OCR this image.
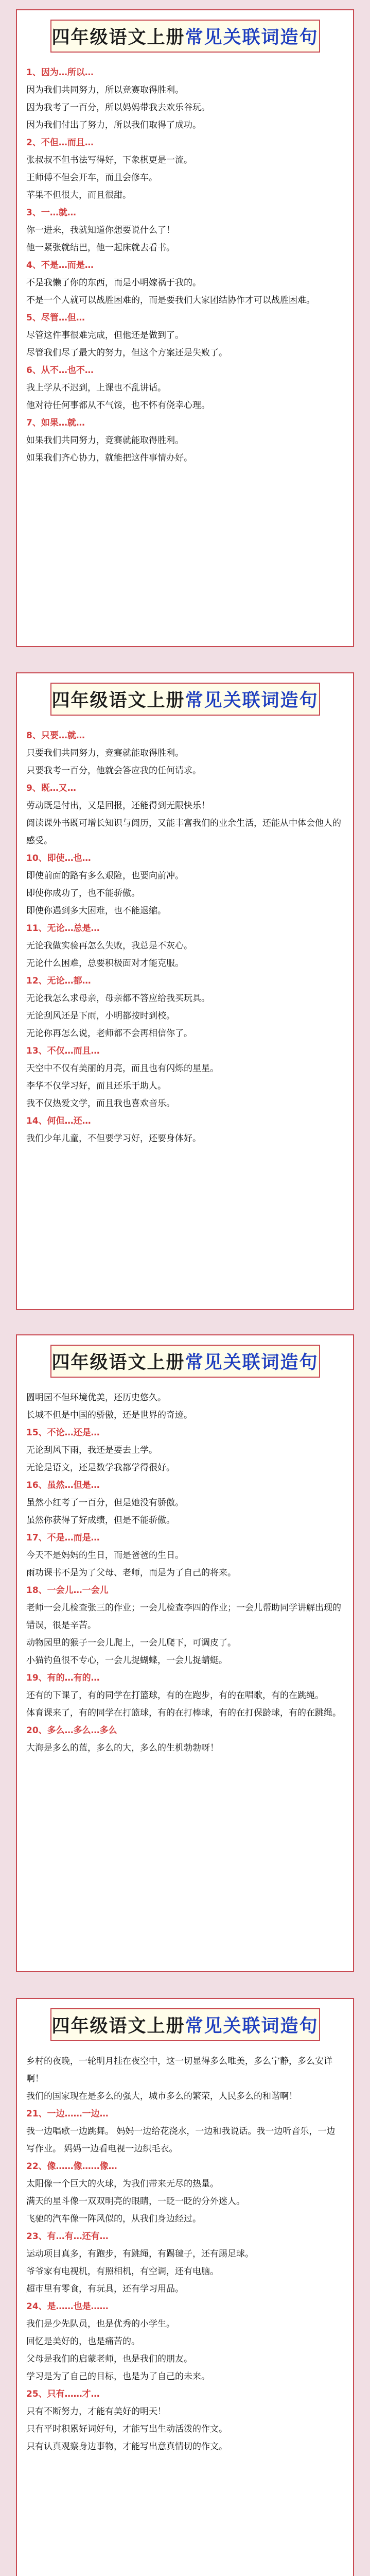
四年级语文上册 常见关联词造句
1、因为…所以…
因为我们共同努力，所以竞赛取得胜利。
因为我考了一百分，所以妈妈带我去欢乐谷玩。
因为我们付出了努力，所以我们取得了成功。
2、不但…而且…
张叔叔不但书法写得好，下象棋更是一流。
王师傅不但会开车，而且会修车。
苹果不但很大，而且很甜。
3、一…就…
你一进来，我就知道你想要说什么了！
他一紧张就结巴，他一起床就去看书。
4、不是…而是…
不是我懒了你的东西，而是小明嫁祸于我的。
不是一个人就可以战胜困难的，而是要我们大家团结协作才可以战胜困难。
5、尽管…但…
尽管这件事很难完成，但他还是做到了。
尽管我们尽了最大的努力，但这个方案还是失败了。
6、从不…也不…
我上学从不迟到，上课也不乱讲话。
他对待任何事都从不气馁，也不怀有侥幸心理。
7、如果…就…
如果我们共同努力，竞赛就能取得胜利。
如果我们齐心协力，就能把这件事情办好。
四年级语文上册 常见关联词造句
8、只要…就…
只要我们共同努力，竞赛就能取得胜利。
只要我考一百分，他就会答应我的任何请求。
9、既…又…
劳动既是付出，又是回报，还能得到无限快乐！
阅读课外书既可增长知识与阅历，又能丰富我们的业余生活，还能从中体会他人的感受。
10、即使…也…
即使前面的路有多么艰险，也要向前冲。
即使你成功了，也不能骄傲。
即使你遇到多大困难，也不能退缩。
11、无论…总是…
无论我做实验再怎么失败，我总是不灰心。
无论什么困难，总要积极面对才能克服。
12、无论…都…
无论我怎么求母亲，母亲都不答应给我买玩具。
无论刮风还是下雨，小明都按时到校。
无论你再怎么说，老师都不会再相信你了。
13、不仅…而且…
天空中不仅有美丽的月亮，而且也有闪烁的星星。
李华不仅学习好，而且还乐于助人。
我不仅热爱文学，而且我也喜欢音乐。
14、何但…还…
我们少年儿童，不但要学习好，还要身体好。
四年级语文上册 常见关联词造句
圆明园不但环境优美，还历史悠久。
长城不但是中国的骄傲，还是世界的奇迹。
15、不论…还是…
无论刮风下雨，我还是要去上学。
无论是语文，还是数学我都学得很好。
16、虽然…但是…
虽然小红考了一百分，但是她没有骄傲。
虽然你获得了好成绩，但是不能骄傲。
17、不是…而是…
今天不是妈妈的生日，而是爸爸的生日。
雨功课书不是为了父母、老师，而是为了自己的将来。
18、一会儿…一会儿
老师一会儿检查张三的作业；一会儿检查李四的作业；一会儿帮助同学讲解出现的错误，很是辛苦。
动物园里的猴子一会儿爬上，一会儿爬下，可调皮了。
小猫钓鱼很不专心，一会儿捉蝴蝶，一会儿捉蜻蜓。
19、有的…有的…
还有的下课了，有的同学在打篮球，有的在跑步，有的在唱歌，有的在跳绳。
体育课来了，有的同学在打篮球，有的在打棒球，有的在打保龄球，有的在跳绳。
20、多么…多么…多么
大海是多么的蓝，多么的大，多么的生机勃勃呀！
四年级语文上册 常见关联词造句
乡村的夜晚，一轮明月挂在夜空中，这一切显得多么唯美，多么宁静，多么安详啊！
我们的国家现在是多么的强大，城市多么的繁荣，人民多么的和谐啊！
21、一边……一边…
我一边唱歌一边跳舞。 妈妈一边给花浇水，一边和我说话。我一边听音乐，一边写作业。 妈妈一边看电视一边织毛衣。
22、像……像……像…
太阳像一个巨大的火球，为我们带来无尽的热量。
满天的星斗像一双双明亮的眼睛，一眨一眨的分外迷人。
飞驰的汽车像一阵风似的，从我们身边经过。
23、有…有…还有…
运动项目真多，有跑步，有跳绳，有踢毽子，还有踢足球。
爷爷家有电视机，有照相机，有空调，还有电脑。
超市里有零食，有玩具，还有学习用品。
24、是……也是……
我们是少先队员，也是优秀的小学生。
回忆是美好的，也是痛苦的。
父母是我们的启蒙老师，也是我们的朋友。
学习是为了自己的目标，也是为了自己的未来。
25、只有……才…
只有不断努力，才能有美好的明天！
只有平时积累好词好句，才能写出生动活泼的作文。
只有认真观察身边事物，才能写出意真情切的作文。
